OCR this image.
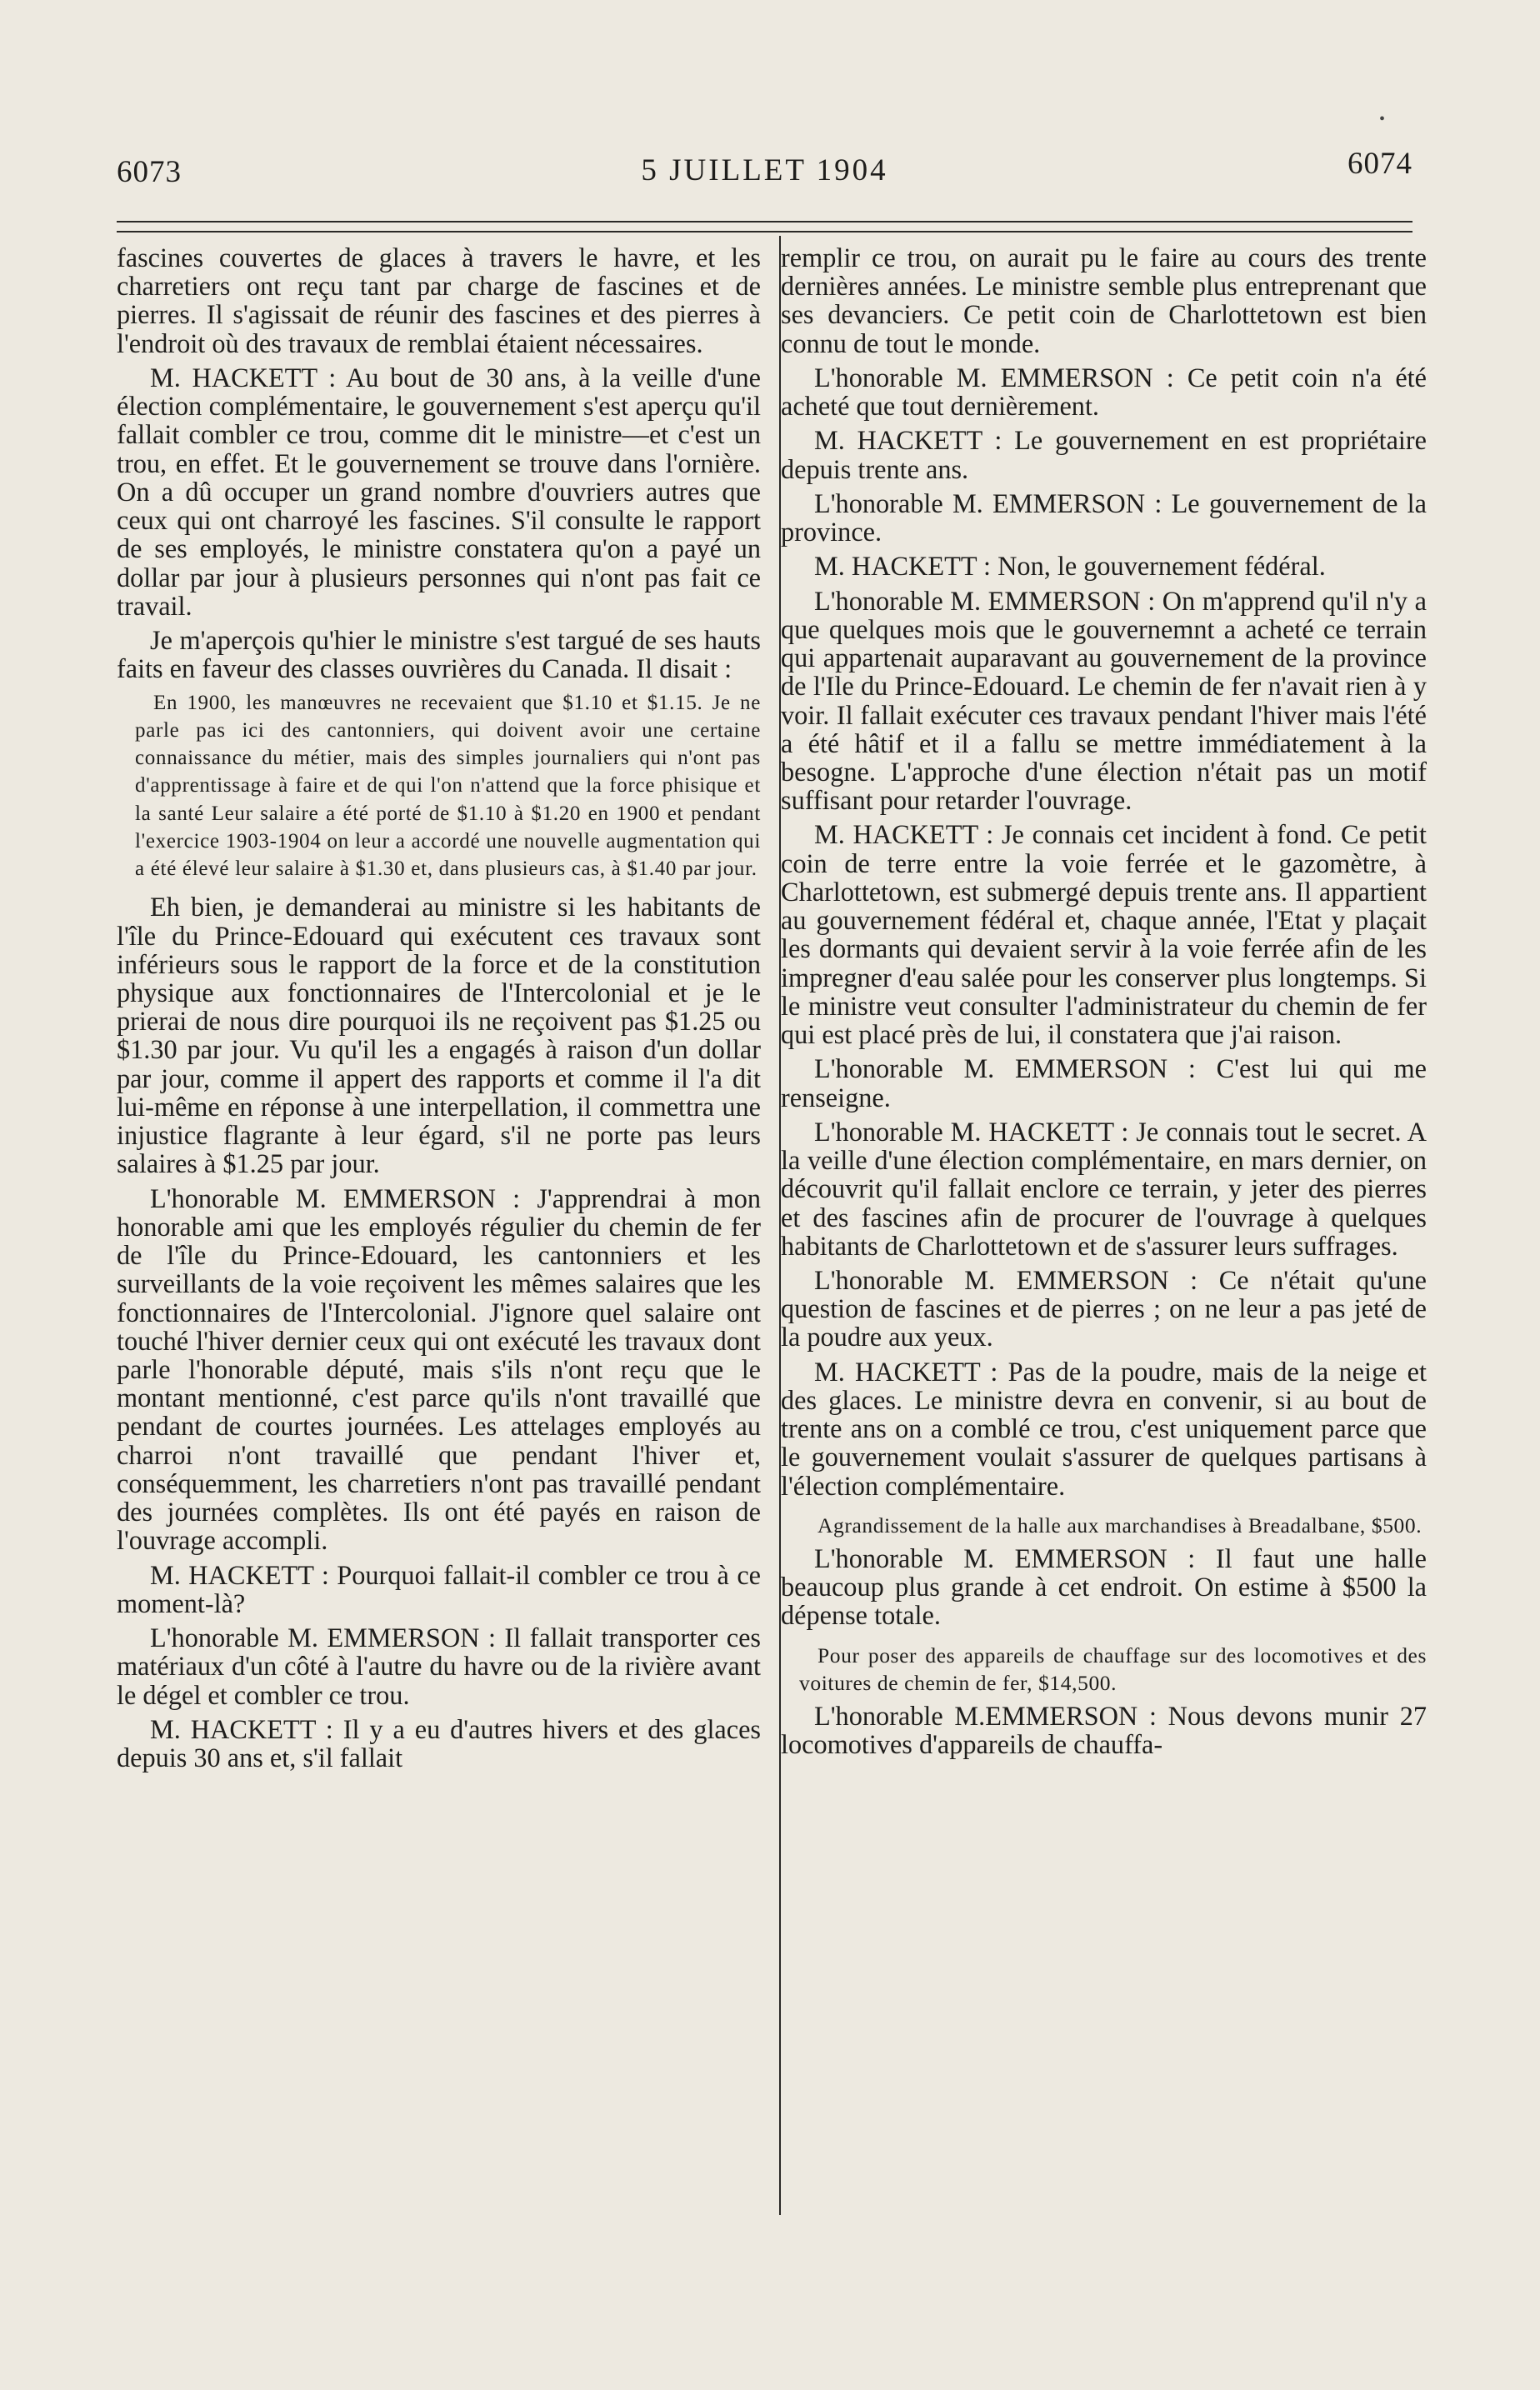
•
6073	5 JUILLET 1904	6074

fascines couvertes de glaces à travers le havre, et les charretiers ont reçu tant par charge de fascines et de pierres. Il s'agissait de réunir des fascines et des pierres à l'endroit où des travaux de remblai étaient nécessaires.

M. HACKETT : Au bout de 30 ans, à la veille d'une élection complémentaire, le gouvernement s'est aperçu qu'il fallait combler ce trou, comme dit le ministre—et c'est un trou, en effet. Et le gouvernement se trouve dans l'ornière. On a dû occuper un grand nombre d'ouvriers autres que ceux qui ont charroyé les fascines. S'il consulte le rapport de ses employés, le ministre constatera qu'on a payé un dollar par jour à plusieurs personnes qui n'ont pas fait ce travail.

Je m'aperçois qu'hier le ministre s'est targué de ses hauts faits en faveur des classes ouvrières du Canada. Il disait :

En 1900, les manœuvres ne recevaient que $1.10 et $1.15. Je ne parle pas ici des cantonniers, qui doivent avoir une certaine connaissance du métier, mais des simples journaliers qui n'ont pas d'apprentissage à faire et de qui l'on n'attend que la force phisique et la santé Leur salaire a été porté de $1.10 à $1.20 en 1900 et pendant l'exercice 1903-1904 on leur a accordé une nouvelle augmentation qui a été élevé leur salaire à $1.30 et, dans plusieurs cas, à $1.40 par jour.

Eh bien, je demanderai au ministre si les habitants de l'île du Prince-Edouard qui exécutent ces travaux sont inférieurs sous le rapport de la force et de la constitution physique aux fonctionnaires de l'Intercolonial et je le prierai de nous dire pourquoi ils ne reçoivent pas $1.25 ou $1.30 par jour. Vu qu'il les a engagés à raison d'un dollar par jour, comme il appert des rapports et comme il l'a dit lui-même en réponse à une interpellation, il commettra une injustice flagrante à leur égard, s'il ne porte pas leurs salaires à $1.25 par jour.

L'honorable M. EMMERSON : J'apprendrai à mon honorable ami que les employés régulier du chemin de fer de l'île du Prince-Edouard, les cantonniers et les surveillants de la voie reçoivent les mêmes salaires que les fonctionnaires de l'Intercolonial. J'ignore quel salaire ont touché l'hiver dernier ceux qui ont exécuté les travaux dont parle l'honorable député, mais s'ils n'ont reçu que le montant mentionné, c'est parce qu'ils n'ont travaillé que pendant de courtes journées. Les attelages employés au charroi n'ont travaillé que pendant l'hiver et, conséquemment, les charretiers n'ont pas travaillé pendant des journées complètes. Ils ont été payés en raison de l'ouvrage accompli.

M. HACKETT : Pourquoi fallait-il combler ce trou à ce moment-là?

L'honorable M. EMMERSON : Il fallait transporter ces matériaux d'un côté à l'autre du havre ou de la rivière avant le dégel et combler ce trou.

M. HACKETT : Il y a eu d'autres hivers et des glaces depuis 30 ans et, s'il fallait

remplir ce trou, on aurait pu le faire au cours des trente dernières années. Le ministre semble plus entreprenant que ses devanciers. Ce petit coin de Charlottetown est bien connu de tout le monde.

L'honorable M. EMMERSON : Ce petit coin n'a été acheté que tout dernièrement.

M. HACKETT : Le gouvernement en est propriétaire depuis trente ans.

L'honorable M. EMMERSON : Le gouvernement de la province.

M. HACKETT : Non, le gouvernement fédéral.

L'honorable M. EMMERSON : On m'apprend qu'il n'y a que quelques mois que le gouvernemnt a acheté ce terrain qui appartenait auparavant au gouvernement de la province de l'Ile du Prince-Edouard. Le chemin de fer n'avait rien à y voir. Il fallait exécuter ces travaux pendant l'hiver mais l'été a été hâtif et il a fallu se mettre immédiatement à la besogne. L'approche d'une élection n'était pas un motif suffisant pour retarder l'ouvrage.

M. HACKETT : Je connais cet incident à fond. Ce petit coin de terre entre la voie ferrée et le gazomètre, à Charlottetown, est submergé depuis trente ans. Il appartient au gouvernement fédéral et, chaque année, l'Etat y plaçait les dormants qui devaient servir à la voie ferrée afin de les impregner d'eau salée pour les conserver plus longtemps. Si le ministre veut consulter l'administrateur du chemin de fer qui est placé près de lui, il constatera que j'ai raison.

L'honorable M. EMMERSON : C'est lui qui me renseigne.

L'honorable M. HACKETT : Je connais tout le secret. A la veille d'une élection complémentaire, en mars dernier, on découvrit qu'il fallait enclore ce terrain, y jeter des pierres et des fascines afin de procurer de l'ouvrage à quelques habitants de Charlottetown et de s'assurer leurs suffrages.

L'honorable M. EMMERSON : Ce n'était qu'une question de fascines et de pierres ; on ne leur a pas jeté de la poudre aux yeux.

M. HACKETT : Pas de la poudre, mais de la neige et des glaces. Le ministre devra en convenir, si au bout de trente ans on a comblé ce trou, c'est uniquement parce que le gouvernement voulait s'assurer de quelques partisans à l'élection complémentaire.

Agrandissement de la halle aux marchandises à Breadalbane, $500.

L'honorable M. EMMERSON : Il faut une halle beaucoup plus grande à cet endroit. On estime à $500 la dépense totale.

Pour poser des appareils de chauffage sur des locomotives et des voitures de chemin de fer, $14,500.

L'honorable M.EMMERSON : Nous devons munir 27 locomotives d'appareils de chauffa-
